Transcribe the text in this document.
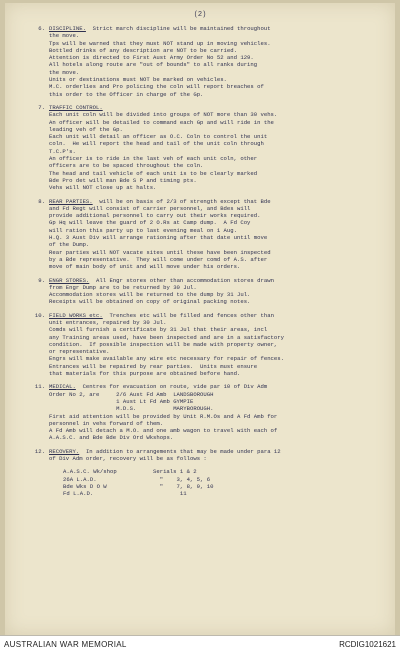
(2)
6. DISCIPLINE. Strict march discipline will be maintained throughout
the move.
Tps will be warned that they must NOT stand up in moving vehicles.
Bottled drinks of any description are NOT to be carried.
Attention is directed to First Aust Army Order No 52 and 129.
All hotels along route are "out of bounds" to all ranks during
the move.
Units or destinations must NOT be marked on vehicles.
M.C. orderlies and Pro policing the coln will report breaches of
this order to the Officer in charge of the Gp.
7. TRAFFIC CONTROL.
Each unit coln will be divided into groups of NOT more than 30 vehs.
An officer will be detailed to command each Gp and will ride in the
leading veh of the Gp.
Each unit will detail an officer as O.C. Coln to control the unit
coln.  He will report the head and tail of the unit coln through
T.C.P's.
An officer is to ride in the last veh of each unit coln, other
officers are to be spaced throughout the coln.
The head and tail vehicle of each unit is to be clearly marked
Bde Pro det will man Bde S P and timing pts.
Vehs will NOT close up at halts.
8. REAR PARTIES. will be on basis of 2/3 of strength except that Bde
and Fd Regt will consist of carrier personnel, and Bdes will
provide additional personnel to carry out their works required.
Gp Hq will leave the guard of 2 O.Rs at Camp dump.  A Fd Coy
will ration this party up to last evening meal on 1 Aug.
H.Q. 3 Aust Div will arrange rationing after that date until move
of the Dump.
Rear parties will NOT vacate sites until these have been inspected
by a Bde representative.  They will come under comd of A.S. after
move of main body of unit and will move under his orders.
9. ENGR STORES. All Engr stores other than accommodation stores drawn
from Engr Dump are to be returned by 30 Jul.
Accommodation stores will be returned to the dump by 31 Jul.
Receipts will be obtained on copy of original packing notes.
10. FIELD WORKS etc. Trenches etc will be filled and fences other than
unit entrances, repaired by 30 Jul.
Comds will furnish a certificate by 31 Jul that their areas, incl
any Training areas used, have been inspected and are in a satisfactory
condition.  If possible inspection will be made with property owner,
or representative.
Engrs will make available any wire etc necessary for repair of fences.
Entrances will be repaired by rear parties.  Units must ensure
that materials for this purpose are obtained before hand.
11. MEDICAL. Centres for evacuation on route, vide par 10 of Div Adm
Order No 2, are     2/6 Aust Fd Amb  LANDSBOROUGH
1 Aust Lt Fd Amb GYMPIE
M.D.S.           MARYBOROUGH.
First aid attention will be provided by Unit R.M.Os and A Fd Amb for
personnel in vehs forward of them.
A Fd Amb will detach a M.O. and one amb wagon to travel with each of
A.A.S.C. and Bde Bde Div Ord Wkshops.
12. RECOVERY. In addition to arrangements that may be made under para 12
of Div Adm order, recovery will be as follows :
A.A.S.C. Wk/shop	Serials 1 & 2
26A L.A.D.	"    3, 4, 5, 6
Bde Wks D O W	"    7, 8, 9, 10
Fd L.A.D.	11
AUSTRALIAN WAR MEMORIAL	RCDIG1021621
